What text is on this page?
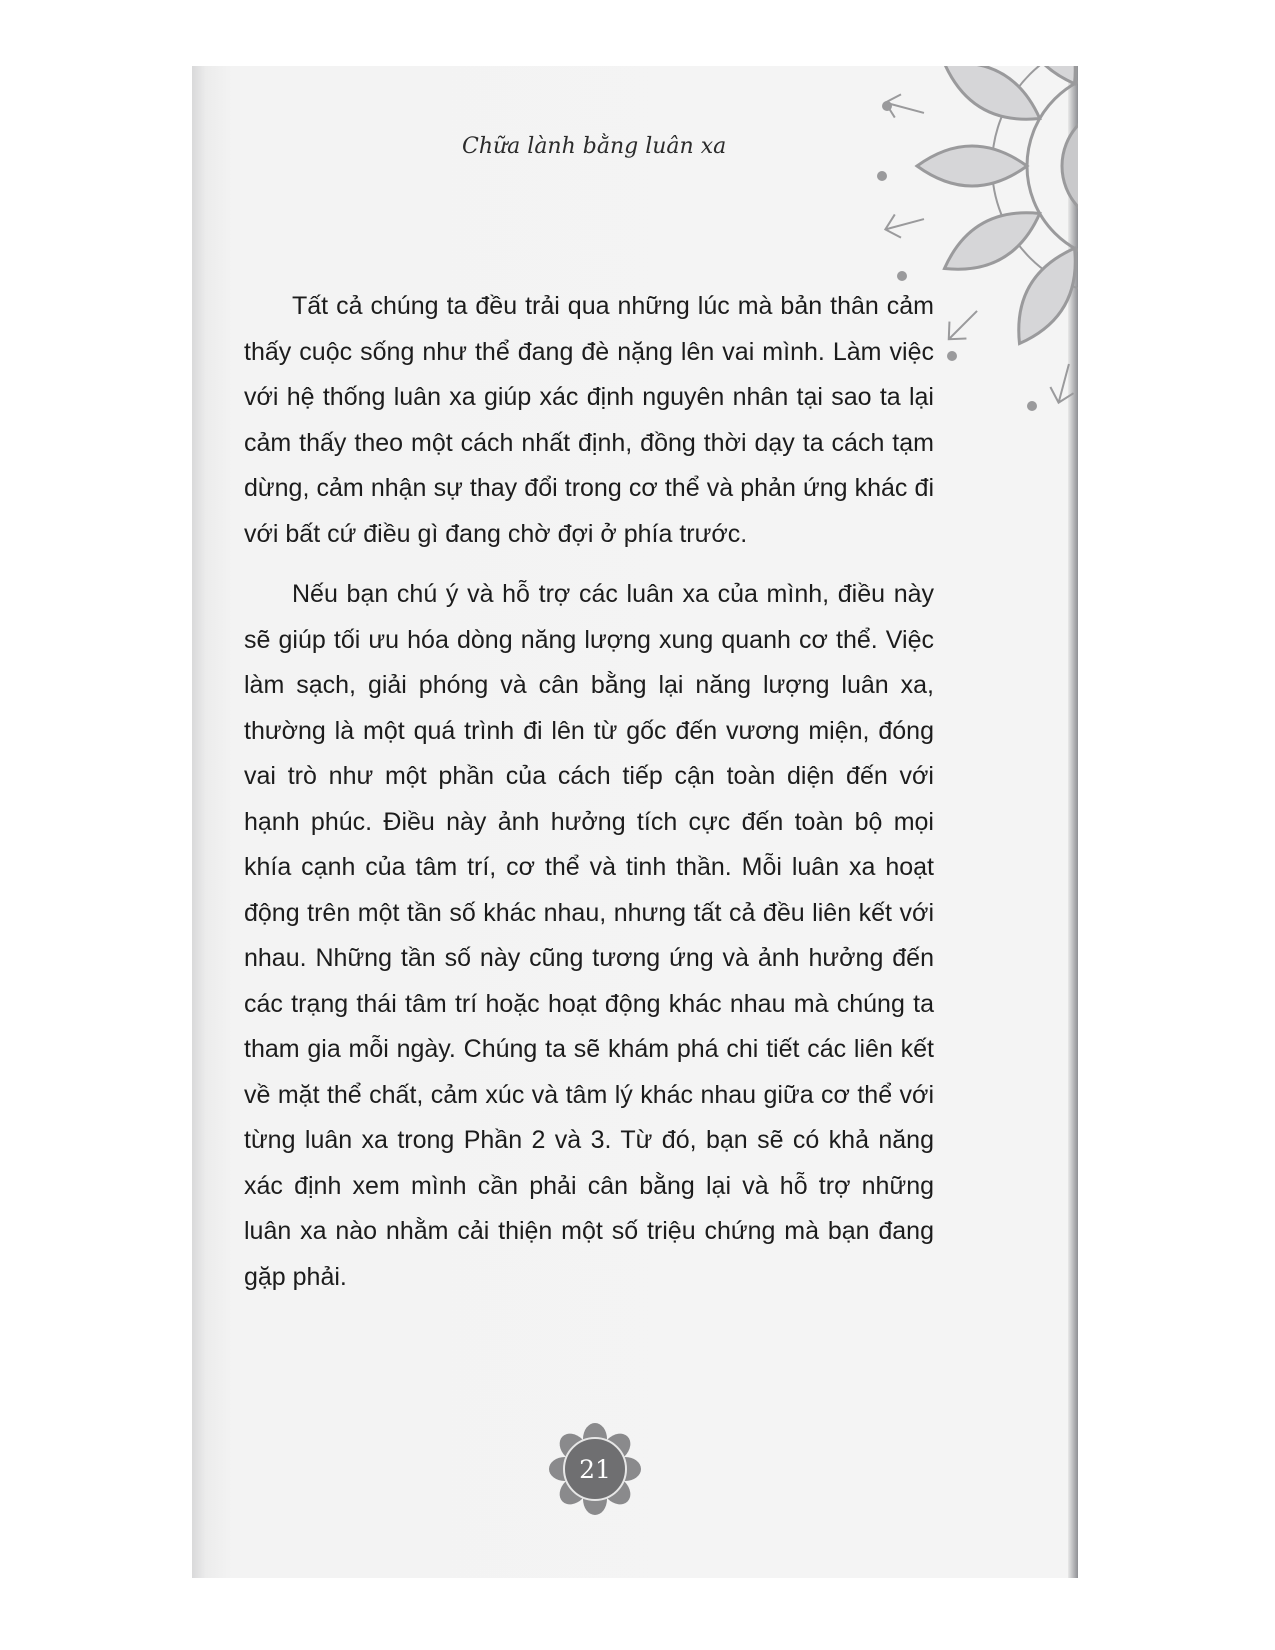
Chữa lành bằng luân xa

Tất cả chúng ta đều trải qua những lúc mà bản thân cảm thấy cuộc sống như thể đang đè nặng lên vai mình. Làm việc với hệ thống luân xa giúp xác định nguyên nhân tại sao ta lại cảm thấy theo một cách nhất định, đồng thời dạy ta cách tạm dừng, cảm nhận sự thay đổi trong cơ thể và phản ứng khác đi với bất cứ điều gì đang chờ đợi ở phía trước.

Nếu bạn chú ý và hỗ trợ các luân xa của mình, điều này sẽ giúp tối ưu hóa dòng năng lượng xung quanh cơ thể. Việc làm sạch, giải phóng và cân bằng lại năng lượng luân xa, thường là một quá trình đi lên từ gốc đến vương miện, đóng vai trò như một phần của cách tiếp cận toàn diện đến với hạnh phúc. Điều này ảnh hưởng tích cực đến toàn bộ mọi khía cạnh của tâm trí, cơ thể và tinh thần. Mỗi luân xa hoạt động trên một tần số khác nhau, nhưng tất cả đều liên kết với nhau. Những tần số này cũng tương ứng và ảnh hưởng đến các trạng thái tâm trí hoặc hoạt động khác nhau mà chúng ta tham gia mỗi ngày. Chúng ta sẽ khám phá chi tiết các liên kết về mặt thể chất, cảm xúc và tâm lý khác nhau giữa cơ thể với từng luân xa trong Phần 2 và 3. Từ đó, bạn sẽ có khả năng xác định xem mình cần phải cân bằng lại và hỗ trợ những luân xa nào nhằm cải thiện một số triệu chứng mà bạn đang gặp phải.

21
